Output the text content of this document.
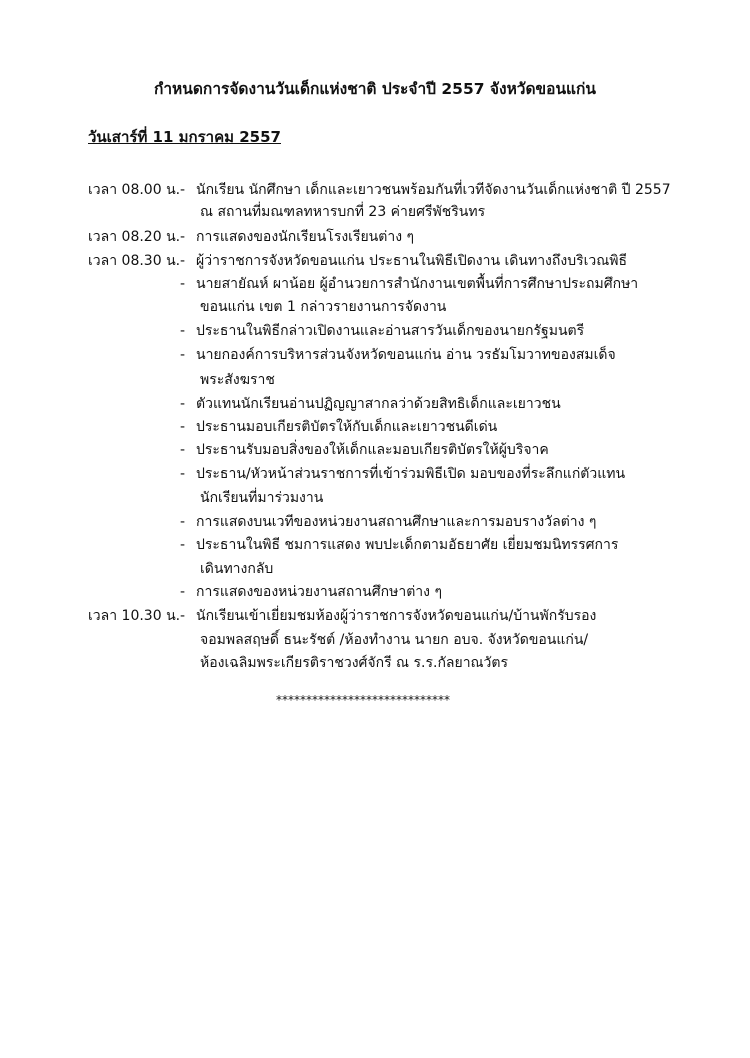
กำหนดการจัดงานวันเด็กแห่งชาติ ประจำปี 2557 จังหวัดขอนแก่น
วันเสาร์ที่ 11 มกราคม 2557
เวลา 08.00 น. - นักเรียน นักศึกษา เด็กและเยาวชนพร้อมกันที่เวทีจัดงานวันเด็กแห่งชาติ ปี 2557
ณ สถานที่มณฑลทหารบกที่ 23 ค่ายศรีพัชรินทร
เวลา 08.20 น. - การแสดงของนักเรียนโรงเรียนต่าง ๆ
เวลา 08.30 น. - ผู้ว่าราชการจังหวัดขอนแก่น ประธานในพิธีเปิดงาน เดินทางถึงบริเวณพิธี
- นายสายัณห์ ผาน้อย ผู้อำนวยการสำนักงานเขตพื้นที่การศึกษาประถมศึกษา
ขอนแก่น เขต 1 กล่าวรายงานการจัดงาน
- ประธานในพิธีกล่าวเปิดงานและอ่านสารวันเด็กของนายกรัฐมนตรี
- นายกองค์การบริหารส่วนจังหวัดขอนแก่น อ่าน วรธัมโมวาทของสมเด็จ
พระสังฆราช
- ตัวแทนนักเรียนอ่านปฏิญญาสากลว่าด้วยสิทธิเด็กและเยาวชน
- ประธานมอบเกียรติบัตรให้กับเด็กและเยาวชนดีเด่น
- ประธานรับมอบสิ่งของให้เด็กและมอบเกียรติบัตรให้ผู้บริจาค
- ประธาน/หัวหน้าส่วนราชการที่เข้าร่วมพิธีเปิด มอบของที่ระลึกแก่ตัวแทน
นักเรียนที่มาร่วมงาน
- การแสดงบนเวทีของหน่วยงานสถานศึกษาและการมอบรางวัลต่าง ๆ
- ประธานในพิธี ชมการแสดง พบปะเด็กตามอัธยาศัย เยี่ยมชมนิทรรศการ
เดินทางกลับ
- การแสดงของหน่วยงานสถานศึกษาต่าง ๆ
เวลา 10.30 น. - นักเรียนเข้าเยี่ยมชมห้องผู้ว่าราชการจังหวัดขอนแก่น/บ้านพักรับรอง
จอมพลสฤษดิ์ ธนะรัชต์ /ห้องทำงาน นายก อบจ. จังหวัดขอนแก่น/
ห้องเฉลิมพระเกียรติราชวงศ์จักรี ณ ร.ร.กัลยาณวัตร
*****************************
